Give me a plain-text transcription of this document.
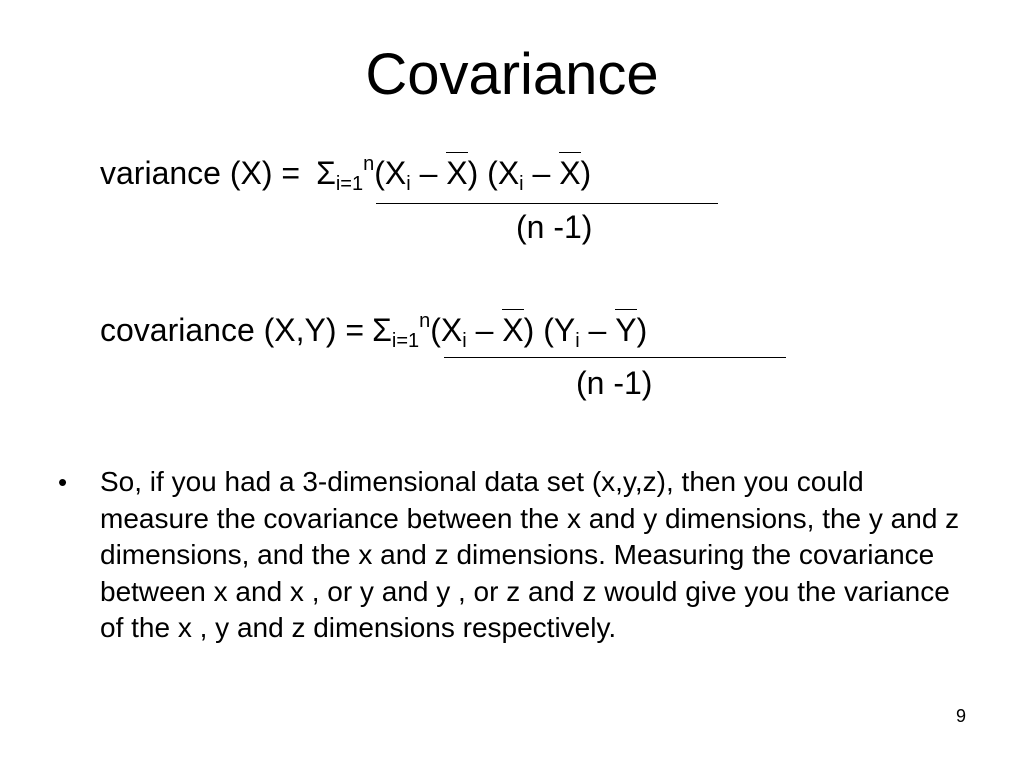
Covariance
variance $(X) = \Sigma_{i=1}^n(X_i - X)$ $(X_i - X)$
(n -1)
covariance $(X,Y) = \Sigma_{i=1}^n(X_i - X)$ $(Y_i - Y)$
(n -1)
• So, if you had a 3-dimensional data set (x,y,z), then you could measure the covariance between the x and y dimensions, the y and z dimensions, and the x and z dimensions. Measuring the covariance between x and x , or y and y , or z and z would give you the variance of the x , y and z dimensions respectively.
9
